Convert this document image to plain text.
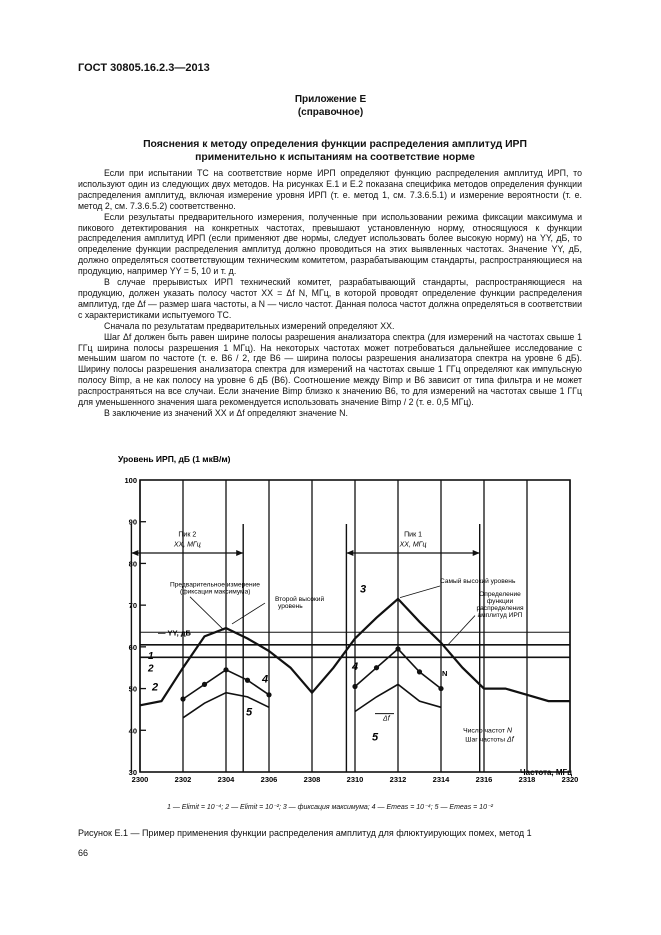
ГОСТ 30805.16.2.3—2013
Приложение Е
(справочное)
Пояснения к методу определения функции распределения амплитуд ИРП
применительно к испытаниям на соответствие норме

Если при испытании ТС на соответствие норме ИРП определяют функцию распределения амплитуд ИРП, то используют один из следующих двух методов. На рисунках Е.1 и Е.2 показана специфика методов определения функции распределения амплитуд, включая измерение уровня ИРП (т. е. метод 1, см. 7.3.6.5.1) и измерение вероятности (т. е. метод 2, см. 7.3.6.5.2) соответственно.

Если результаты предварительного измерения, полученные при использовании режима фиксации максимума и пикового детектирования на конкретных частотах, превышают установленную норму, относящуюся к функции распределения амплитуд ИРП (если применяют две нормы, следует использовать более высокую норму) на YY, дБ, то определение функции распределения амплитуд должно проводиться на этих выявленных частотах. Значение YY, дБ, должно определяться соответствующим техническим комитетом, разрабатывающим стандарты, распространяющиеся на продукцию, например YY = 5, 10 и т. д.

В случае прерывистых ИРП технический комитет, разрабатывающий стандарты, распространяющиеся на продукцию, должен указать полосу частот XX = Δf N, МГц, в которой проводят определение функции распределения амплитуд, где Δf — размер шага частоты, а N — число частот. Данная полоса частот должна определяться в соответствии с характеристиками испытуемого ТС.

Сначала по результатам предварительных измерений определяют XX.

Шаг Δf должен быть равен ширине полосы разрешения анализатора спектра (для измерений на частотах свыше 1 ГГц ширина полосы разрешения 1 МГц). На некоторых частотах может потребоваться дальнейшее исследование с меньшим шагом по частоте (т. е. B6 / 2, где B6 — ширина полосы разрешения анализатора спектра на уровне 6 дБ). Ширину полосы разрешения анализатора спектра для измерений на частотах свыше 1 ГГц определяют как импульсную полосу Bimp, а не как полосу на уровне 6 дБ (B6). Соотношение между Bimp и B6 зависит от типа фильтра и не может распространяться на все случаи. Если значение Bimp близко к значению B6, то для измерений на частотах свыше 1 ГГц для уменьшенного значения шага рекомендуется использовать значение Bimp / 2 (т. е. 0,5 МГц).

В заключение из значений XX и Δf определяют значение N.

Уровень ИРП, дБ (1 мкВ/м)
Частота, МГц
2300	2302	2304	2306	2308	2310	2312	2314	2316	2318	2320
30
40
50
60
70
80
90
100
— YY, дБ
1
2
Пик 2
XX, МГц
Пик 1
XX, МГц
2
3
4
5
4
5
Предварительное измерение
(фиксация максимума)
Второй высокий
уровень
Самый высокий уровень
Определение
функции
распределения
амплитуд ИРП
N
Δf
Число частот N
Шаг частоты Δf
1 — Elimit = 10⁻⁴; 2 — Elimit = 10⁻²; 3 — фиксация максимума; 4 — Emeas = 10⁻⁴; 5 — Emeas = 10⁻²
Рисунок Е.1 — Пример применения функции распределения амплитуд для флюктуирующих помех, метод 1
66
